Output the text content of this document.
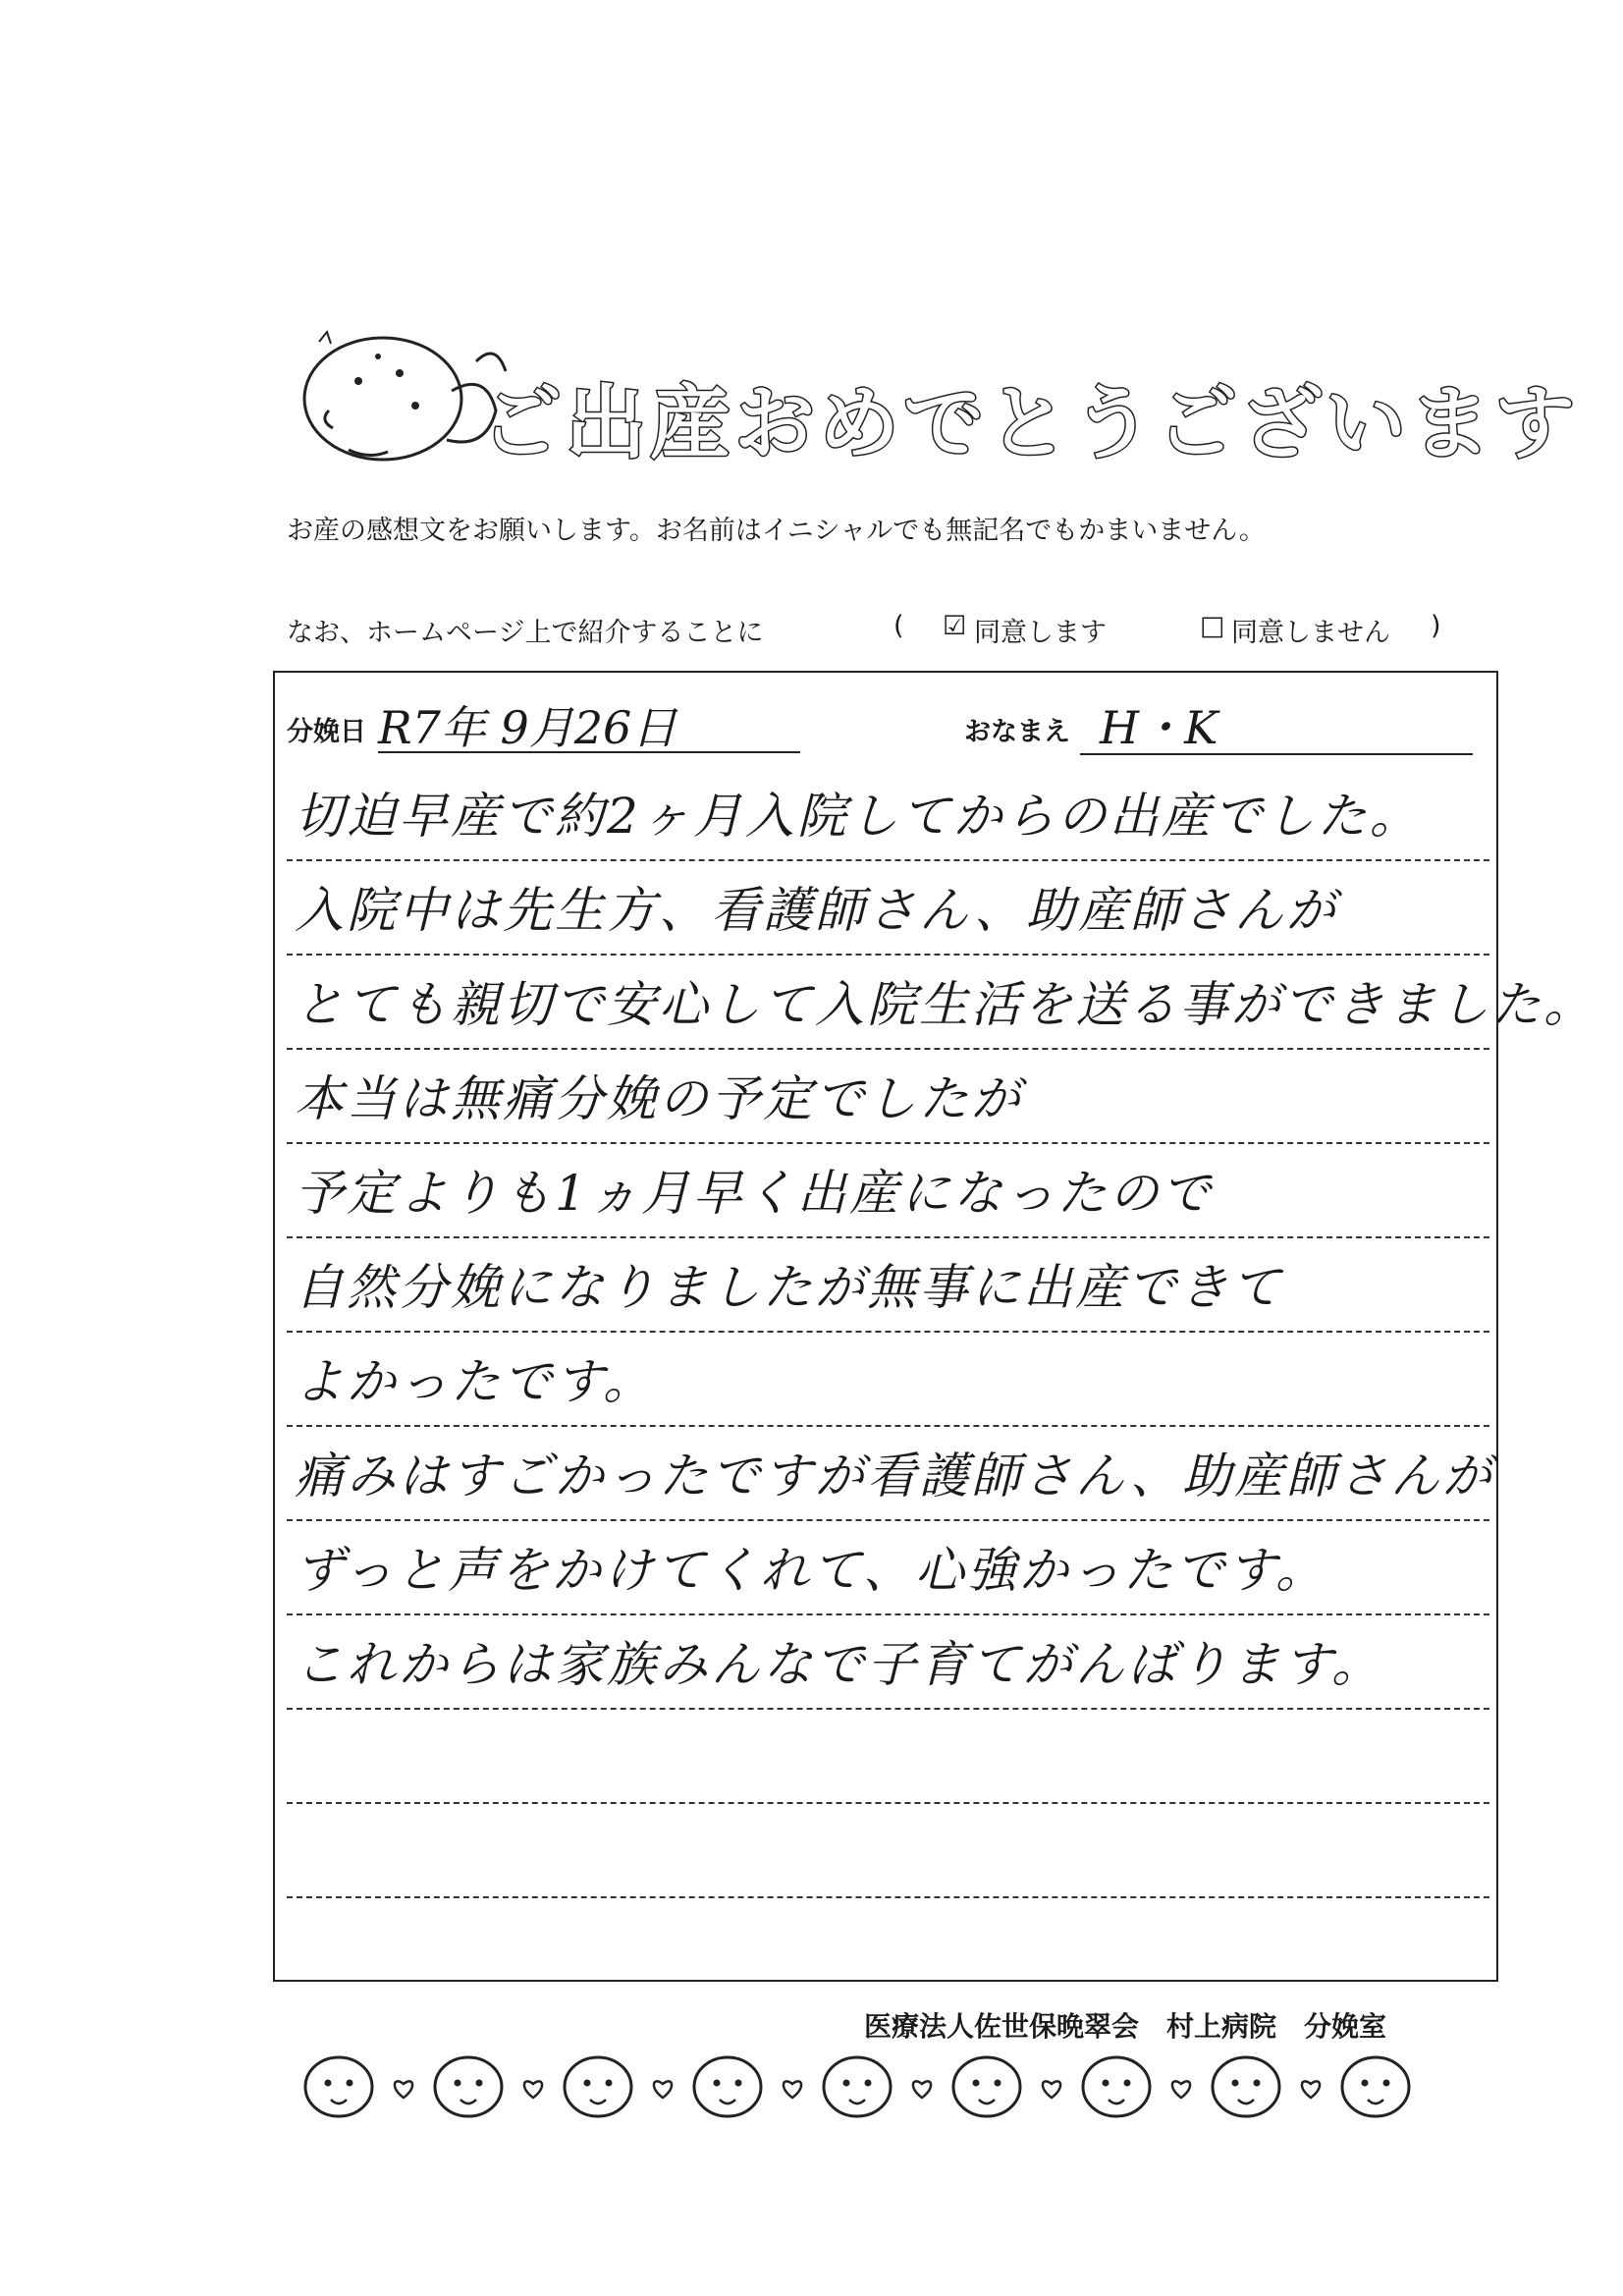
ご出産おめでとうございます
お産の感想文をお願いします。お名前はイニシャルでも無記名でもかまいません。
なお、ホームページ上で紹介することに	( ☑ 同意します	□ 同意しません )
分娩日 R7年 9月26日	おなまえ H・K
切迫早産で約2ヶ月入院してからの出産でした。
入院中は先生方、看護師さん、助産師さんが
とても親切で安心して入院生活を送る事ができました。
本当は無痛分娩の予定でしたが
予定よりも1ヵ月早く出産になったので
自然分娩になりましたが無事に出産できて
よかったです。
痛みはすごかったですが看護師さん、助産師さんが
ずっと声をかけてくれて、心強かったです。
これからは家族みんなで子育てがんばります。
医療法人佐世保晩翠会　村上病院　分娩室
